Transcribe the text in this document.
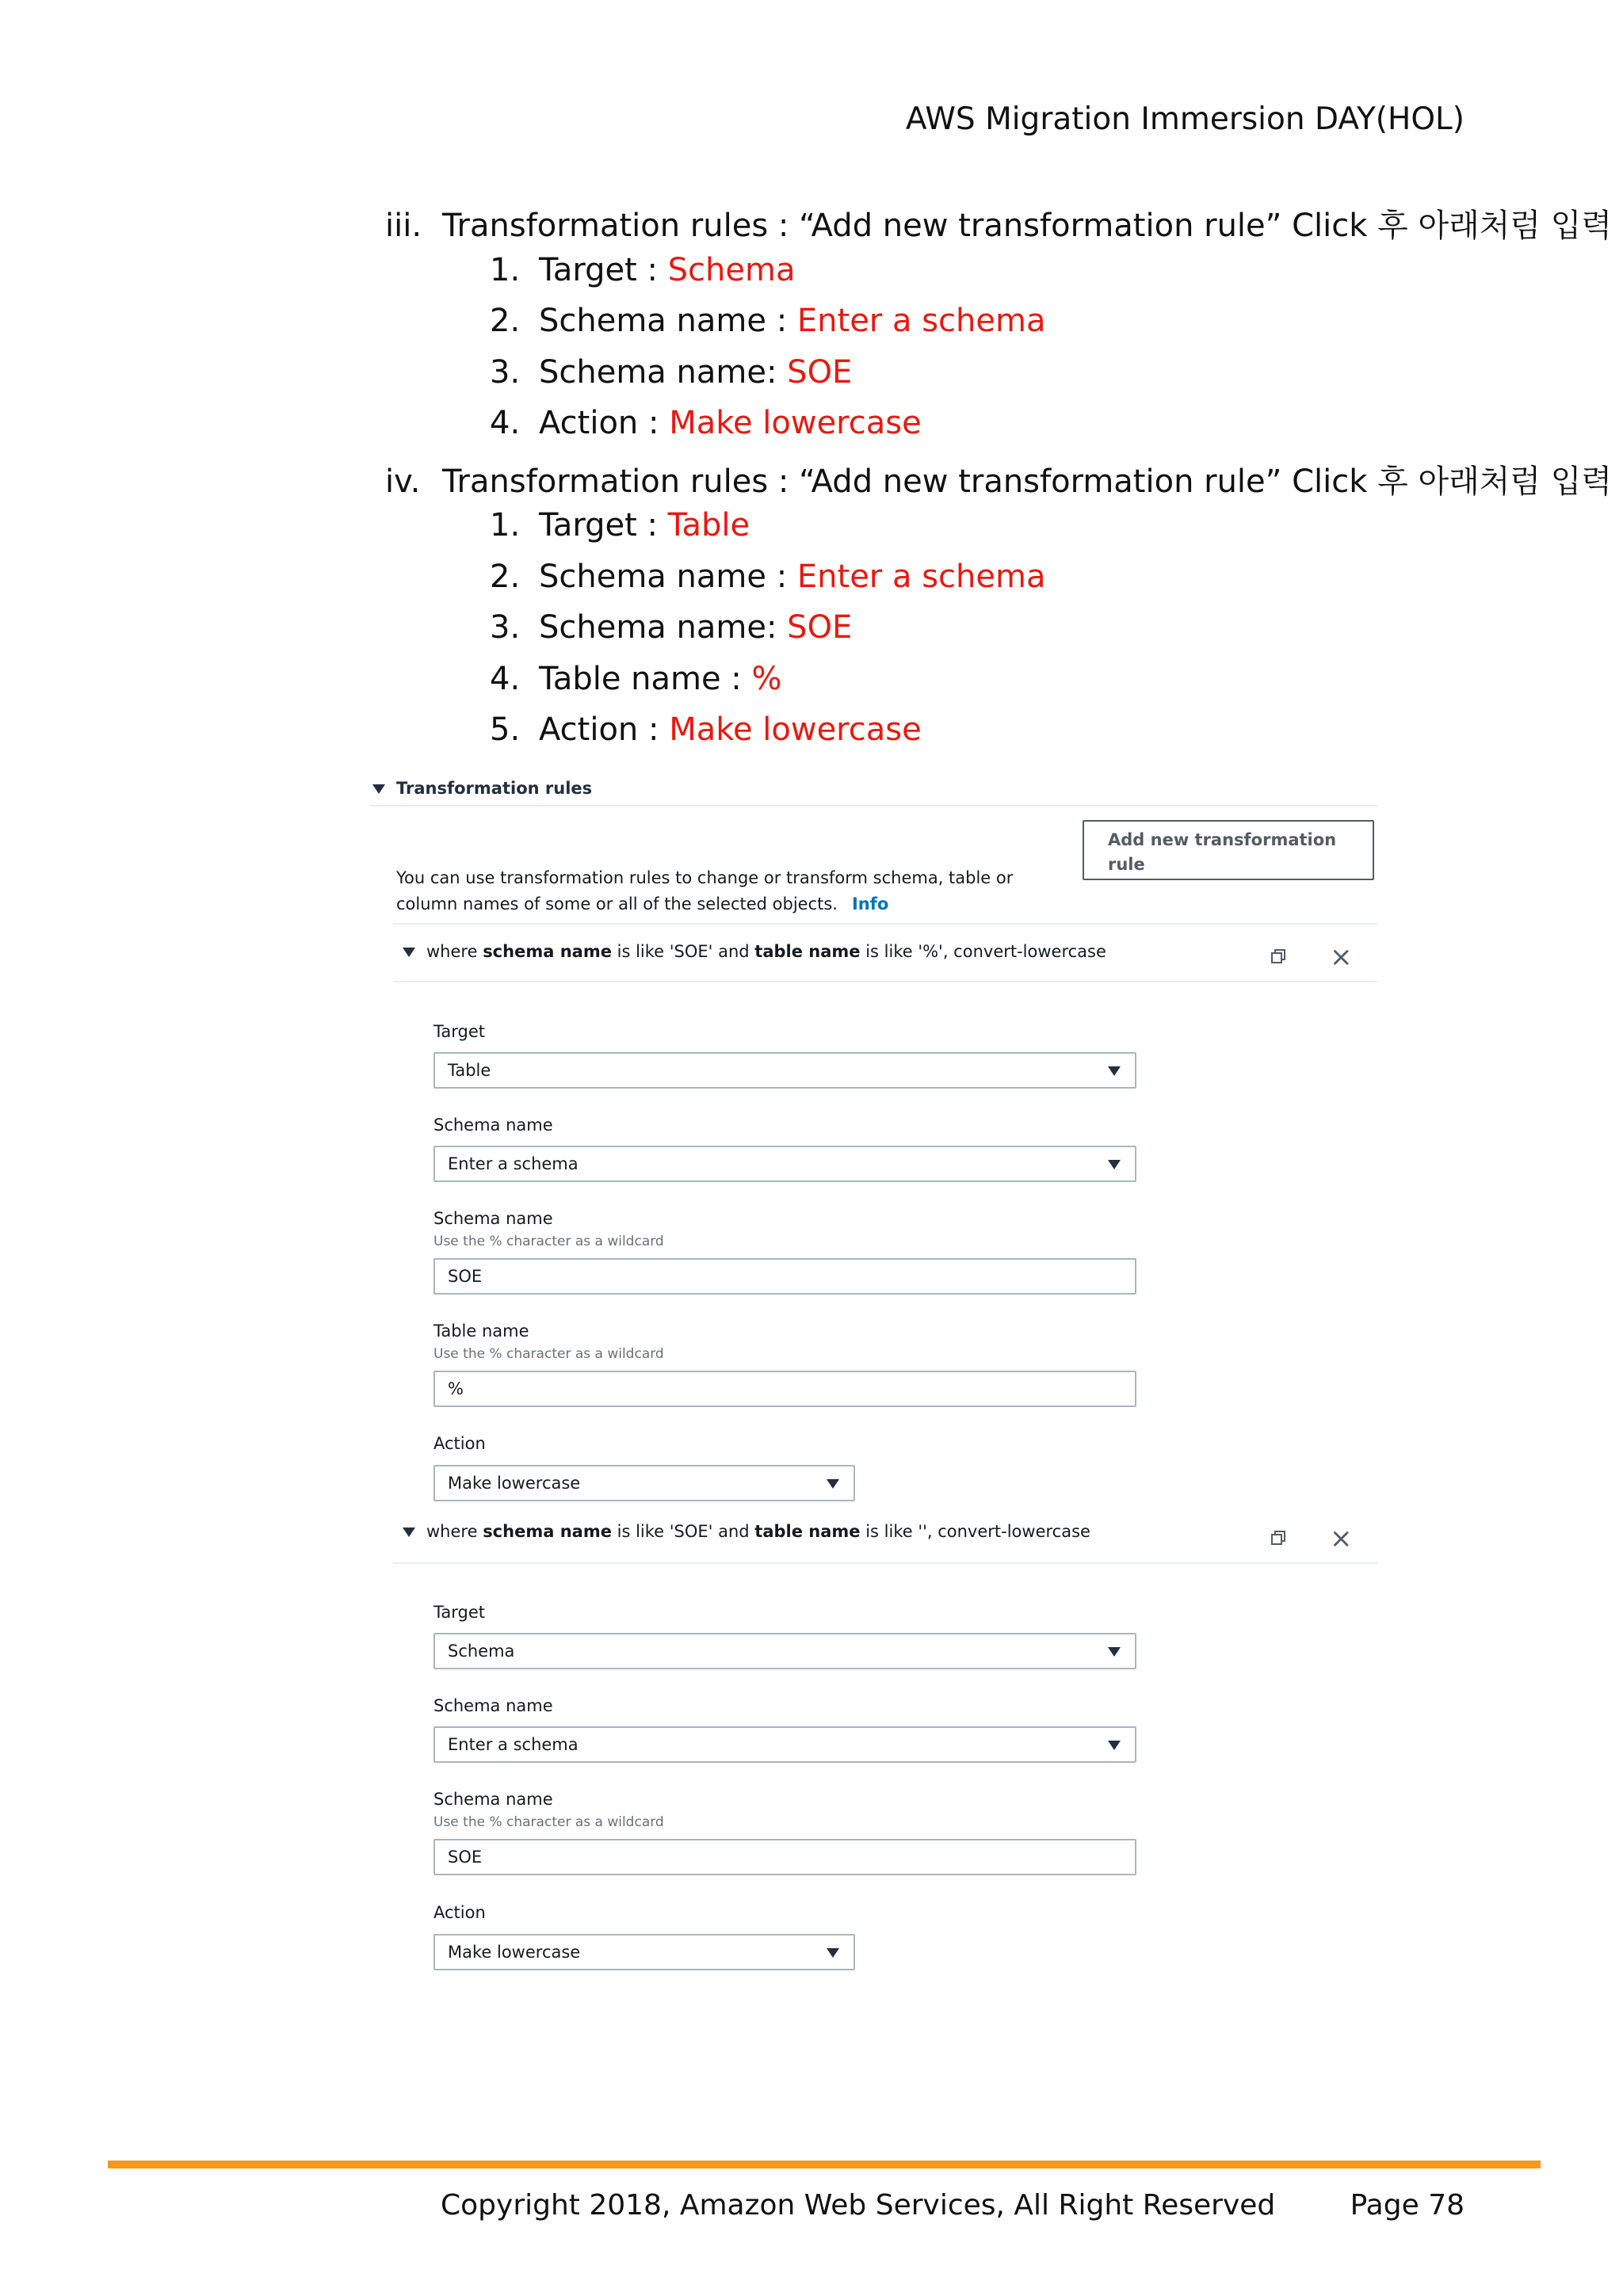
AWS Migration Immersion DAY(HOL)
iii. Transformation rules : “Add new transformation rule” Click 후 아래처럼 입력
1. Target : Schema
2. Schema name : Enter a schema
3. Schema name: SOE
4. Action : Make lowercase
iv. Transformation rules : “Add new transformation rule” Click 후 아래처럼 입력
1. Target : Table
2. Schema name : Enter a schema
3. Schema name: SOE
4. Table name : %
5. Action : Make lowercase
Transformation rules
You can use transformation rules to change or transform schema, table or column names of some or all of the selected objects. Info
Add new transformation rule
where schema name is like 'SOE' and table name is like '%', convert-lowercase	×
Target
Table
Schema name
Enter a schema
Schema name
Use the % character as a wildcard
SOE
Table name
Use the % character as a wildcard
%
Action
Make lowercase
where schema name is like 'SOE' and table name is like '', convert-lowercase	×
Target
Schema
Schema name
Enter a schema
Schema name
Use the % character as a wildcard
SOE
Action
Make lowercase
Copyright 2018, Amazon Web Services, All Right Reserved	Page 78
